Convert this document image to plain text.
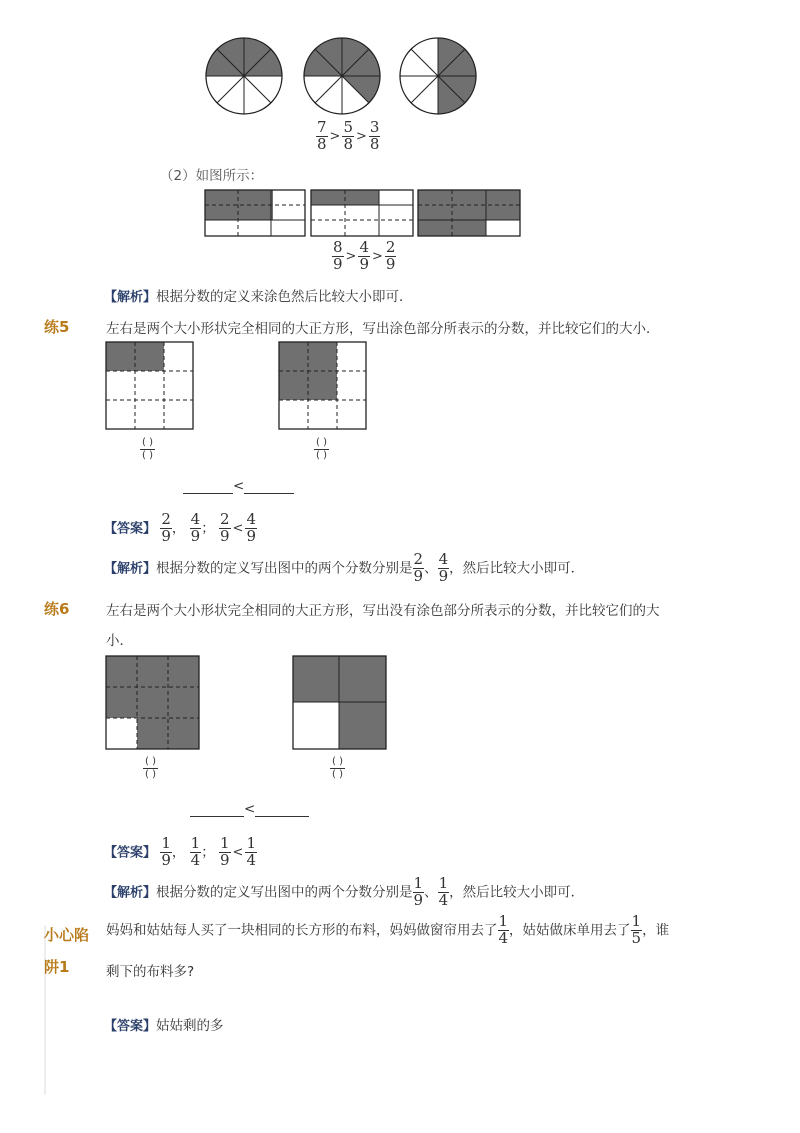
$\frac{7}{8} > \frac{5}{8} > \frac{3}{8}$
（2）如图所示：
$\frac{8}{9} > \frac{4}{9} > \frac{2}{9}$
【解析】根据分数的定义来涂色然后比较大小即可．
练5	左右是两个大小形状完全相同的大正方形，写出涂色部分所表示的分数，并比较它们的大小．
( )
( )
( )
( )
<
【答案】 $\frac{2}{9}$ ， $\frac{4}{9}$ ； $\frac{2}{9} < \frac{4}{9}$
【解析】根据分数的定义写出图中的两个分数分别是 $\frac{2}{9}$ 、 $\frac{4}{9}$ ，然后比较大小即可．
练6	左右是两个大小形状完全相同的大正方形，写出没有涂色部分所表示的分数，并比较它们的大
小．
( )
( )
( )
( )
<
【答案】 $\frac{1}{9}$ ， $\frac{1}{4}$ ； $\frac{1}{9} < \frac{1}{4}$
【解析】根据分数的定义写出图中的两个分数分别是 $\frac{1}{9}$ 、 $\frac{1}{4}$ ，然后比较大小即可．
小心陷
阱1
妈妈和姑姑每人买了一块相同的长方形的布料，妈妈做窗帘用去了 $\frac{1}{4}$ ，姑姑做床单用去了 $\frac{1}{5}$ ，谁
剩下的布料多?
【答案】姑姑剩的多
